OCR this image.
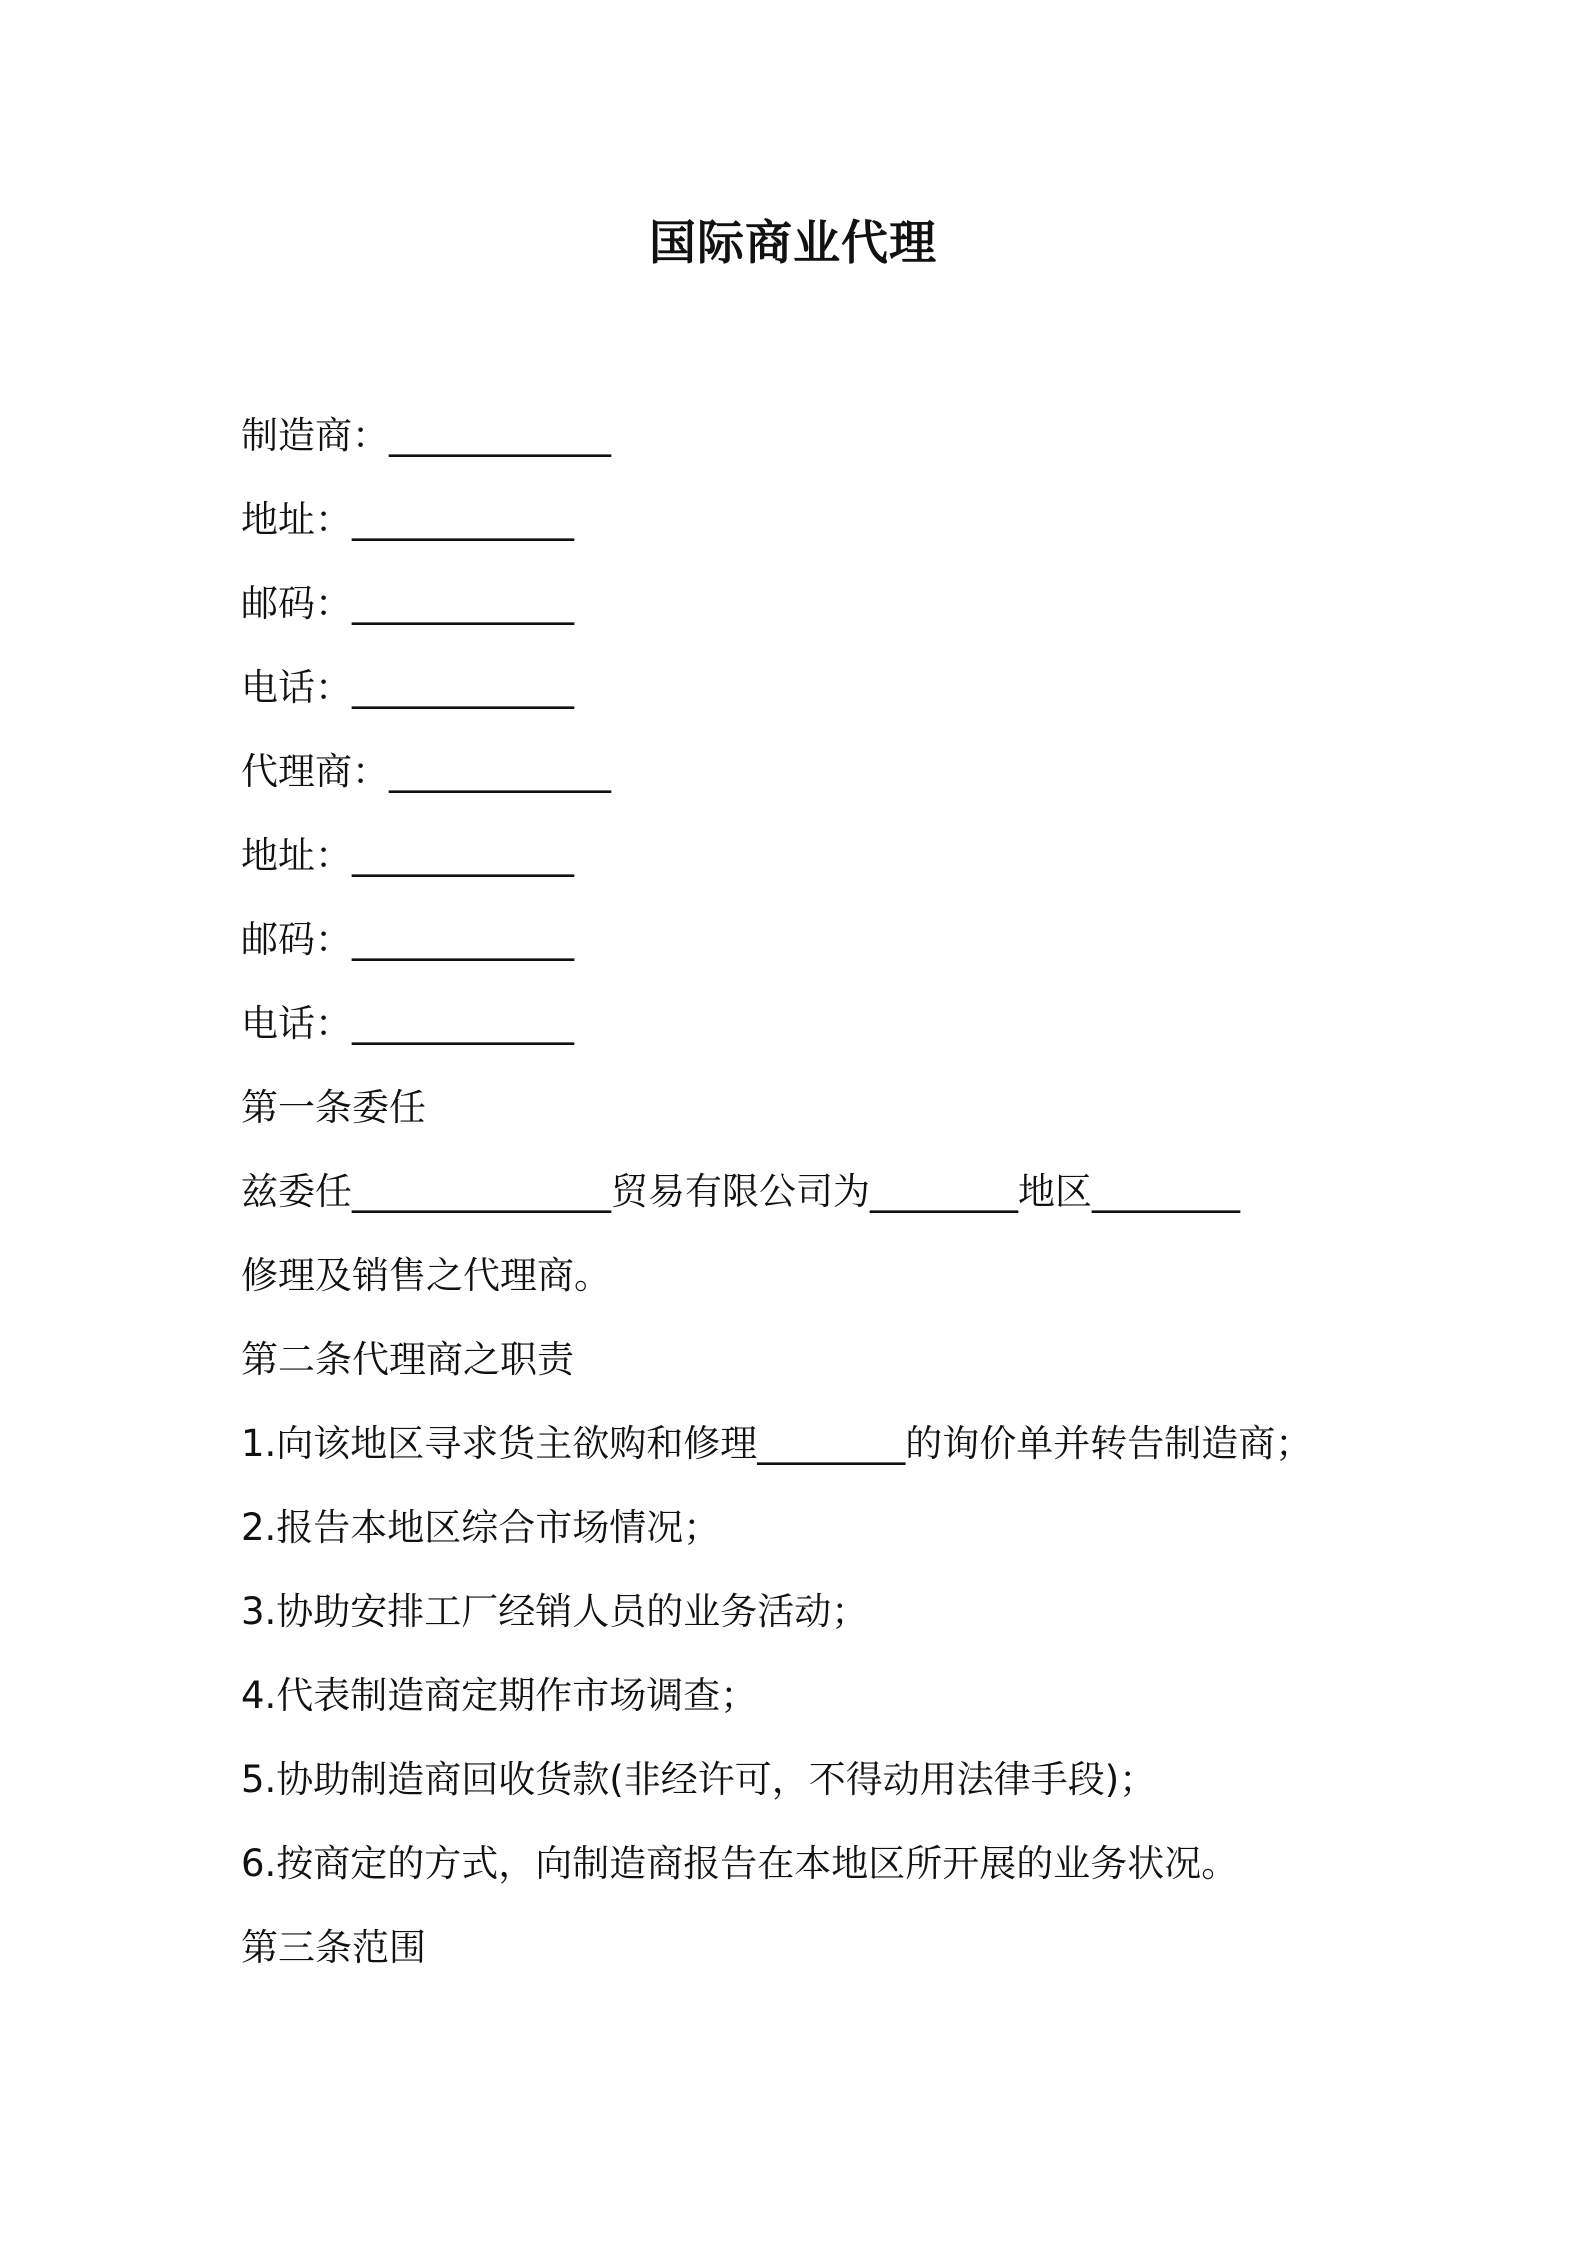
国际商业代理
制造商：____________
地址：____________
邮码：____________
电话：____________
代理商：____________
地址：____________
邮码：____________
电话：____________
第一条委任
兹委任______________贸易有限公司为________地区________
修理及销售之代理商。
第二条代理商之职责
1.向该地区寻求货主欲购和修理________的询价单并转告制造商；
2.报告本地区综合市场情况；
3.协助安排工厂经销人员的业务活动；
4.代表制造商定期作市场调查；
5.协助制造商回收货款(非经许可，不得动用法律手段)；
6.按商定的方式，向制造商报告在本地区所开展的业务状况。
第三条范围
